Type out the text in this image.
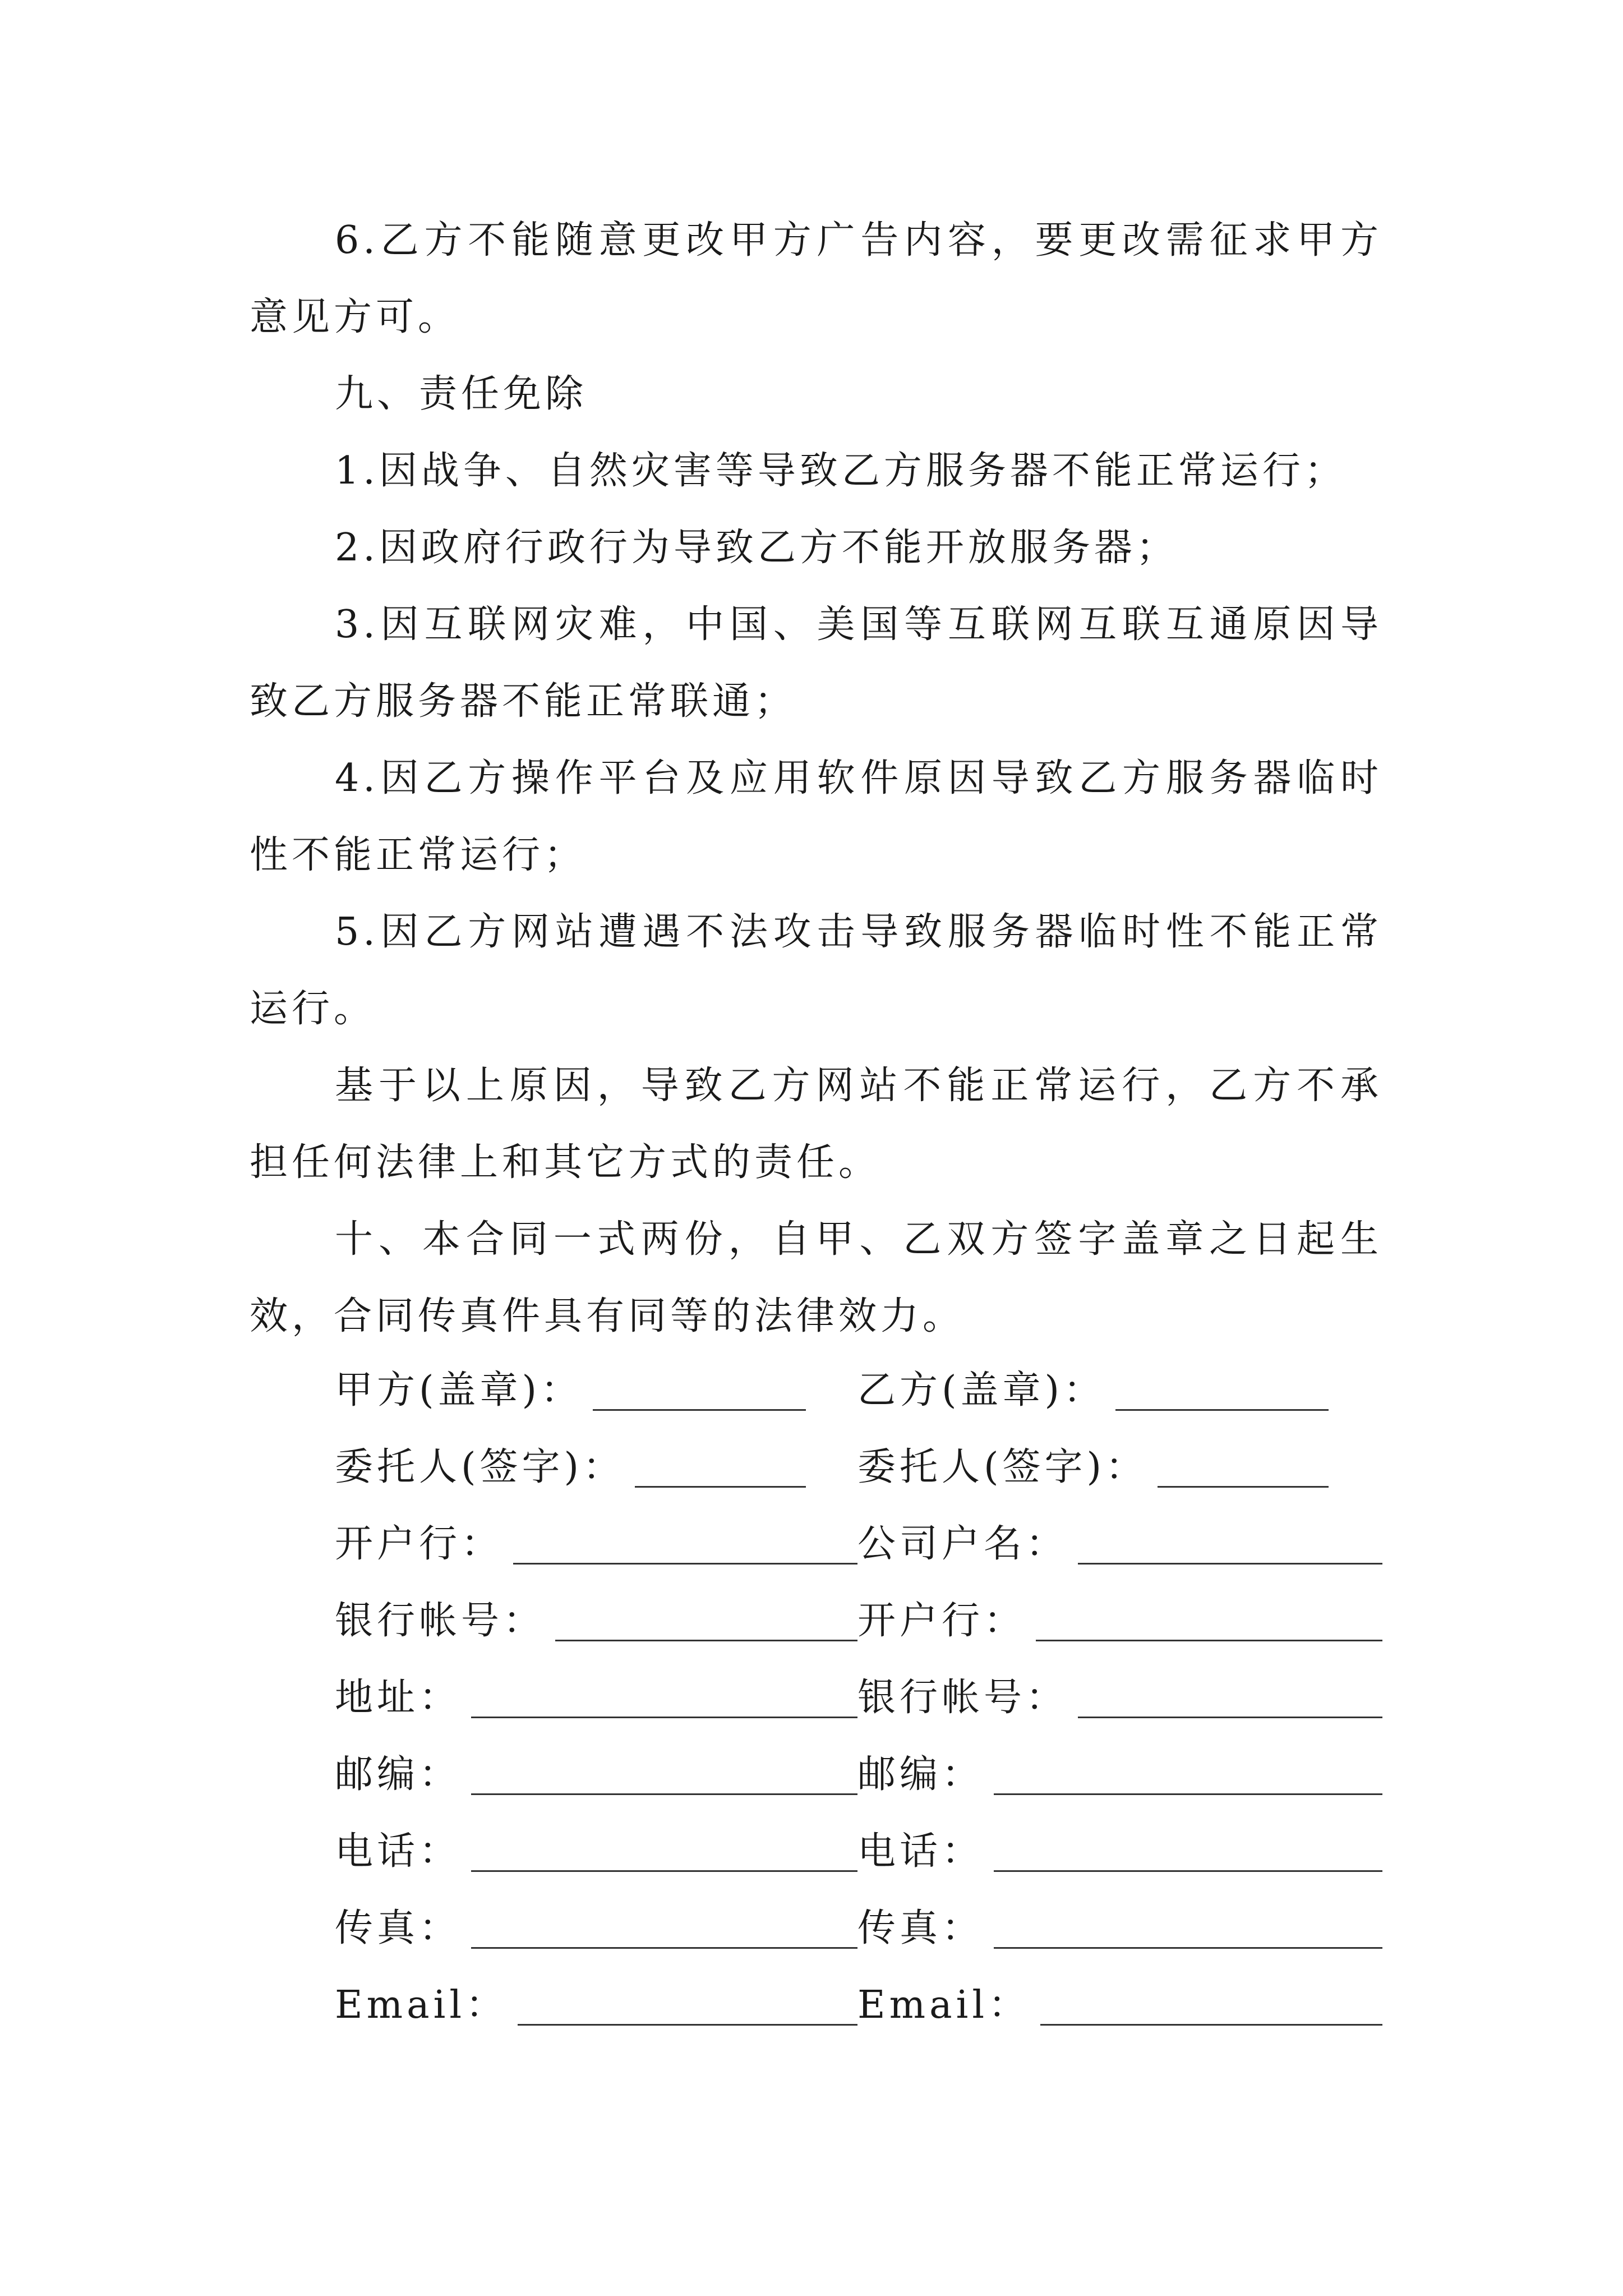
6.乙方不能随意更改甲方广告内容，要更改需征求甲方意见方可。

九、责任免除

1.因战争、自然灾害等导致乙方服务器不能正常运行；

2.因政府行政行为导致乙方不能开放服务器；

3.因互联网灾难，中国、美国等互联网互联互通原因导致乙方服务器不能正常联通；

4.因乙方操作平台及应用软件原因导致乙方服务器临时性不能正常运行；

5.因乙方网站遭遇不法攻击导致服务器临时性不能正常运行。

基于以上原因，导致乙方网站不能正常运行，乙方不承担任何法律上和其它方式的责任。

十、本合同一式两份，自甲、乙双方签字盖章之日起生效，合同传真件具有同等的法律效力。

甲方(盖章)：	乙方(盖章)：
委托人(签字)：	委托人(签字)：
开户行：	公司户名：
银行帐号：	开户行：
地址：	银行帐号：
邮编：	邮编：
电话：	电话：
传真：	传真：
Email：	Email：
